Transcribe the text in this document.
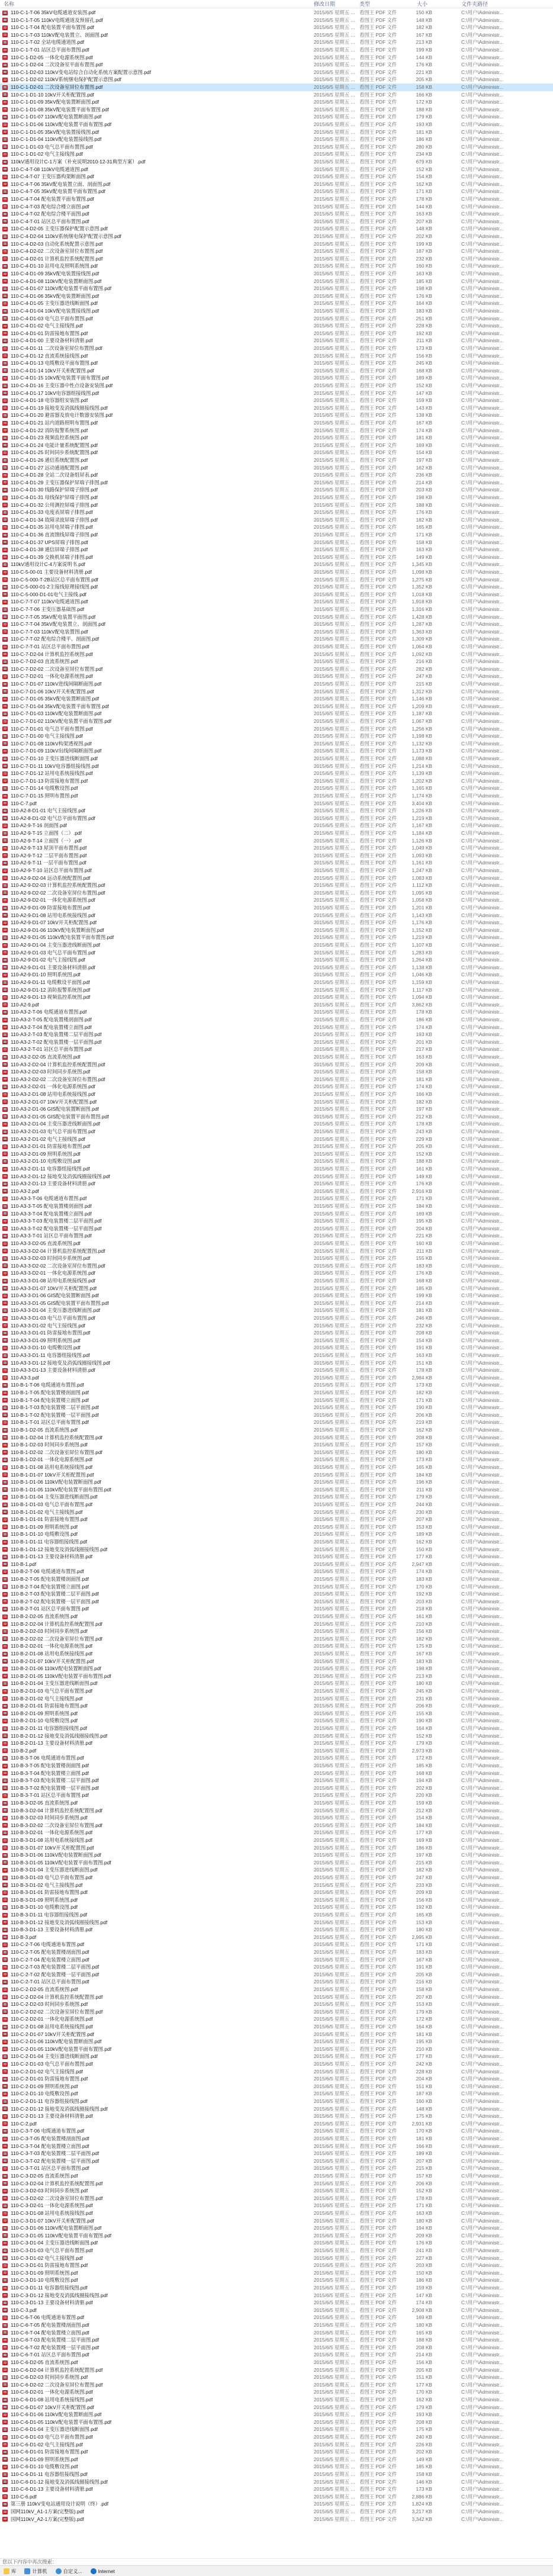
名称	修改日期	类型	大小	文件夹路径
110-C-1-T-06 35kV电缆通道安装图.pdf	2015/6/5 星期五 ... 看图王 PDF 文件	150 KB	C:\用户\Administr...
110-C-1-T-05 110kV电缆通道及预留孔.pdf	2015/6/5 星期五 ... 看图王 PDF 文件	148 KB	C:\用户\Administr...
110-C-1-T-04 配电装置平面布置图.pdf	2015/6/5 星期五 ... 看图王 PDF 文件	182 KB	C:\用户\Administr...
110-C-1-T-03 110kV配电装置立、剖面图.pdf	2015/6/5 星期五 ... 看图王 PDF 文件	167 KB	C:\用户\Administr...
110-C-1-T-02 全站电缆通道图.pdf	2015/6/5 星期五 ... 看图王 PDF 文件	213 KB	C:\用户\Administr...
110-C-1-T-01 站区总平面布置图.pdf	2015/6/5 星期五 ... 看图王 PDF 文件	199 KB	C:\用户\Administr...
110-C-1-D2-05 一体化电源系统图.pdf	2015/6/5 星期五 ... 看图王 PDF 文件	144 KB	C:\用户\Administr...
110-C-1-D2-04 二次设备室平面布置图.pdf	2015/6/5 星期五 ... 看图王 PDF 文件	176 KB	C:\用户\Administr...
110-C-1-D2-03 110kV变电站综合自动化系统方案配置示意图.pdf	2015/6/5 星期五 ... 看图王 PDF 文件	221 KB	C:\用户\Administr...
110-C-1-D2-02 110kV系统继电保护配置示意图.pdf	2015/6/5 星期五 ... 看图王 PDF 文件	205 KB	C:\用户\Administr...
110-C-1-D2-01 二次设备室屏位布置图.pdf	2015/6/5 星期五 ... 看图王 PDF 文件	158 KB	C:\用户\Administr...
110-C-1-D1-10 10kV开关柜配置图.pdf	2015/6/5 星期五 ... 看图王 PDF 文件	166 KB	C:\用户\Administr...
110-C-1-D1-09 35kV配电装置断面图.pdf	2015/6/5 星期五 ... 看图王 PDF 文件	172 KB	C:\用户\Administr...
110-C-1-D1-08 35kV配电装置平面布置图.pdf	2015/6/5 星期五 ... 看图王 PDF 文件	188 KB	C:\用户\Administr...
110-C-1-D1-07 110kV配电装置断面图.pdf	2015/6/5 星期五 ... 看图王 PDF 文件	179 KB	C:\用户\Administr...
110-C-1-D1-06 110kV配电装置平面布置图.pdf	2015/6/5 星期五 ... 看图王 PDF 文件	193 KB	C:\用户\Administr...
110-C-1-D1-05 35kV配电装置接线图.pdf	2015/6/5 星期五 ... 看图王 PDF 文件	181 KB	C:\用户\Administr...
110-C-1-D1-04 110kV配电装置接线图.pdf	2015/6/5 星期五 ... 看图王 PDF 文件	186 KB	C:\用户\Administr...
110-C-1-D1-03 电气总平面布置图.pdf	2015/6/5 星期五 ... 看图王 PDF 文件	280 KB	C:\用户\Administr...
110-C-1-D1-02 电气主接线图.pdf	2015/6/5 星期五 ... 看图王 PDF 文件	234 KB	C:\用户\Administr...
110kV通用设计C-1方案（补充说明2010-12-31典型方案）.pdf	2015/6/5 星期五 ... 看图王 PDF 文件	679 KB	C:\用户\Administr...
110-C-4-T-08 110kV电缆通道图.pdf	2015/6/5 星期五 ... 看图王 PDF 文件	152 KB	C:\用户\Administr...
110-C-4-T-07 主变压器构架断面图.pdf	2015/6/5 星期五 ... 看图王 PDF 文件	154 KB	C:\用户\Administr...
110-C-4-T-06 35kV配电装置立面、剖面图.pdf	2015/6/5 星期五 ... 看图王 PDF 文件	162 KB	C:\用户\Administr...
110-C-4-T-05 35kV配电装置平面布置图.pdf	2015/6/5 星期五 ... 看图王 PDF 文件	171 KB	C:\用户\Administr...
110-C-4-T-04 配电装置平面布置图.pdf	2015/6/5 星期五 ... 看图王 PDF 文件	178 KB	C:\用户\Administr...
110-C-4-T-03 配电综合楼立面图.pdf	2015/6/5 星期五 ... 看图王 PDF 文件	144 KB	C:\用户\Administr...
110-C-4-T-02 配电综合楼平面图.pdf	2015/6/5 星期五 ... 看图王 PDF 文件	163 KB	C:\用户\Administr...
110-C-4-T-01 站区总平面布置图.pdf	2015/6/5 星期五 ... 看图王 PDF 文件	207 KB	C:\用户\Administr...
110-C-4-D2-05 主变压器保护配置示意图.pdf	2015/6/5 星期五 ... 看图王 PDF 文件	148 KB	C:\用户\Administr...
110-C-4-D2-04 110kV系统继电保护配置示意图.pdf	2015/6/5 星期五 ... 看图王 PDF 文件	202 KB	C:\用户\Administr...
110-C-4-D2-03 自动化系统配置示意图.pdf	2015/6/5 星期五 ... 看图王 PDF 文件	199 KB	C:\用户\Administr...
110-C-4-D2-02 二次设备室屏位布置图.pdf	2015/6/5 星期五 ... 看图王 PDF 文件	187 KB	C:\用户\Administr...
110-C-4-D2-01 计算机监控系统配置图.pdf	2015/6/5 星期五 ... 看图王 PDF 文件	232 KB	C:\用户\Administr...
110-C-4-D1-10 站用电及照明系统图.pdf	2015/6/5 星期五 ... 看图王 PDF 文件	160 KB	C:\用户\Administr...
110-C-4-D1-09 35kV配电装置接线图.pdf	2015/6/5 星期五 ... 看图王 PDF 文件	163 KB	C:\用户\Administr...
110-C-4-D1-08 110kV配电装置断面图.pdf	2015/6/5 星期五 ... 看图王 PDF 文件	185 KB	C:\用户\Administr...
110-C-4-D1-07 110kV配电装置平面布置图.pdf	2015/6/5 星期五 ... 看图王 PDF 文件	198 KB	C:\用户\Administr...
110-C-4-D1-06 35kV配电装置断面图.pdf	2015/6/5 星期五 ... 看图王 PDF 文件	176 KB	C:\用户\Administr...
110-C-4-D1-05 主变压器进线断面图.pdf	2015/6/5 星期五 ... 看图王 PDF 文件	164 KB	C:\用户\Administr...
110-C-4-D1-04 10kV配电装置接线图.pdf	2015/6/5 星期五 ... 看图王 PDF 文件	183 KB	C:\用户\Administr...
110-C-4-D1-03 电气总平面布置图.pdf	2015/6/5 星期五 ... 看图王 PDF 文件	251 KB	C:\用户\Administr...
110-C-4-D1-02 电气主接线图.pdf	2015/6/5 星期五 ... 看图王 PDF 文件	228 KB	C:\用户\Administr...
110-C-4-D1-01 防雷接地布置图.pdf	2015/6/5 星期五 ... 看图王 PDF 文件	192 KB	C:\用户\Administr...
110-C-4-D1-00 主要设备材料清册.pdf	2015/6/5 星期五 ... 看图王 PDF 文件	211 KB	C:\用户\Administr...
110-C-4-D1-11 二次设备室屏位布置图.pdf	2015/6/5 星期五 ... 看图王 PDF 文件	173 KB	C:\用户\Administr...
110-C-4-D1-12 直流系统接线图.pdf	2015/6/5 星期五 ... 看图王 PDF 文件	156 KB	C:\用户\Administr...
110-C-4-D1-13 电缆敷设平面布置图.pdf	2015/6/5 星期五 ... 看图王 PDF 文件	245 KB	C:\用户\Administr...
110-C-4-D1-14 10kV开关柜配置图.pdf	2015/6/5 星期五 ... 看图王 PDF 文件	168 KB	C:\用户\Administr...
110-C-4-D1-15 10kV配电装置平面布置图.pdf	2015/6/5 星期五 ... 看图王 PDF 文件	189 KB	C:\用户\Administr...
110-C-4-D1-16 主变压器中性点设备安装图.pdf	2015/6/5 星期五 ... 看图王 PDF 文件	152 KB	C:\用户\Administr...
110-C-4-D1-17 10kV电容器组接线图.pdf	2015/6/5 星期五 ... 看图王 PDF 文件	147 KB	C:\用户\Administr...
110-C-4-D1-18 电容器组安装图.pdf	2015/6/5 星期五 ... 看图王 PDF 文件	159 KB	C:\用户\Administr...
110-C-4-D1-19 接地变及消弧线圈接线图.pdf	2015/6/5 星期五 ... 看图王 PDF 文件	143 KB	C:\用户\Administr...
110-C-4-D1-20 避雷器及放电计数器安装图.pdf	2015/6/5 星期五 ... 看图王 PDF 文件	138 KB	C:\用户\Administr...
110-C-4-D1-21 站内道路照明布置图.pdf	2015/6/5 星期五 ... 看图王 PDF 文件	167 KB	C:\用户\Administr...
110-C-4-D1-22 消防报警系统图.pdf	2015/6/5 星期五 ... 看图王 PDF 文件	174 KB	C:\用户\Administr...
110-C-4-D1-23 视频监控系统图.pdf	2015/6/5 星期五 ... 看图王 PDF 文件	181 KB	C:\用户\Administr...
110-C-4-D1-24 电能计量系统配置图.pdf	2015/6/5 星期五 ... 看图王 PDF 文件	169 KB	C:\用户\Administr...
110-C-4-D1-25 时间同步系统配置图.pdf	2015/6/5 星期五 ... 看图王 PDF 文件	154 KB	C:\用户\Administr...
110-C-4-D1-26 通信系统配置图.pdf	2015/6/5 星期五 ... 看图王 PDF 文件	197 KB	C:\用户\Administr...
110-C-4-D1-27 远动通道配置图.pdf	2015/6/5 星期五 ... 看图王 PDF 文件	162 KB	C:\用户\Administr...
110-C-4-D1-28 全站二次设备组屏表.pdf	2015/6/5 星期五 ... 看图王 PDF 文件	236 KB	C:\用户\Administr...
110-C-4-D1-29 主变压器保护屏端子排图.pdf	2015/6/5 星期五 ... 看图王 PDF 文件	214 KB	C:\用户\Administr...
110-C-4-D1-30 线路保护屏端子排图.pdf	2015/6/5 星期五 ... 看图王 PDF 文件	203 KB	C:\用户\Administr...
110-C-4-D1-31 母线保护屏端子排图.pdf	2015/6/5 星期五 ... 看图王 PDF 文件	198 KB	C:\用户\Administr...
110-C-4-D1-32 公用测控屏端子排图.pdf	2015/6/5 星期五 ... 看图王 PDF 文件	188 KB	C:\用户\Administr...
110-C-4-D1-33 电度表屏端子排图.pdf	2015/6/5 星期五 ... 看图王 PDF 文件	176 KB	C:\用户\Administr...
110-C-4-D1-34 故障录波屏端子排图.pdf	2015/6/5 星期五 ... 看图王 PDF 文件	182 KB	C:\用户\Administr...
110-C-4-D1-35 站用电屏端子排图.pdf	2015/6/5 星期五 ... 看图王 PDF 文件	165 KB	C:\用户\Administr...
110-C-4-D1-36 直流馈线屏端子排图.pdf	2015/6/5 星期五 ... 看图王 PDF 文件	171 KB	C:\用户\Administr...
110-C-4-D1-37 UPS屏端子排图.pdf	2015/6/5 星期五 ... 看图王 PDF 文件	158 KB	C:\用户\Administr...
110-C-4-D1-38 通信屏端子排图.pdf	2015/6/5 星期五 ... 看图王 PDF 文件	163 KB	C:\用户\Administr...
110-C-4-D1-39 交换机屏端子排图.pdf	2015/6/5 星期五 ... 看图王 PDF 文件	149 KB	C:\用户\Administr...
110kV通用设计C-4方案说明书.pdf	2015/6/5 星期五 ... 看图王 PDF 文件	1,345 KB	C:\用户\Administr...
110-C-5-00-01 主要设备材料清册.pdf	2015/6/5 星期五 ... 看图王 PDF 文件	1,098 KB	C:\用户\Administr...
110-C-5-000-T-2B站区总平面布置图.pdf	2015/6/5 星期五 ... 看图王 PDF 文件	1,275 KB	C:\用户\Administr...
110-C-5-000-01-2主接线原理接线图.pdf	2015/6/5 星期五 ... 看图王 PDF 文件	1,352 KB	C:\用户\Administr...
110-C-5-000-D1-01电气主接线.pdf	2015/6/5 星期五 ... 看图王 PDF 文件	1,018 KB	C:\用户\Administr...
110-C-7-T-07 110kV电缆通道图.pdf	2015/6/5 星期五 ... 看图王 PDF 文件	1,918 KB	C:\用户\Administr...
110-C-7-T-06 主变压器基础图.pdf	2015/6/5 星期五 ... 看图王 PDF 文件	1,316 KB	C:\用户\Administr...
110-C-7-T-05 35kV配电装置平面图.pdf	2015/6/5 星期五 ... 看图王 PDF 文件	1,428 KB	C:\用户\Administr...
110-C-7-T-04 35kV配电装置立、剖面图.pdf	2015/6/5 星期五 ... 看图王 PDF 文件	1,287 KB	C:\用户\Administr...
110-C-7-T-03 110kV配电装置图.pdf	2015/6/5 星期五 ... 看图王 PDF 文件	1,363 KB	C:\用户\Administr...
110-C-7-T-02 配电综合楼平、剖面图.pdf	2015/6/5 星期五 ... 看图王 PDF 文件	1,309 KB	C:\用户\Administr...
110-C-7-T-01 站区总平面布置图.pdf	2015/6/5 星期五 ... 看图王 PDF 文件	1,064 KB	C:\用户\Administr...
110-C-7-D2-04 计算机监控系统图.pdf	2015/6/5 星期五 ... 看图王 PDF 文件	1,092 KB	C:\用户\Administr...
110-C-7-D2-03 直流系统图.pdf	2015/6/5 星期五 ... 看图王 PDF 文件	216 KB	C:\用户\Administr...
110-C-7-D2-02 二次设备室屏位布置图.pdf	2015/6/5 星期五 ... 看图王 PDF 文件	282 KB	C:\用户\Administr...
110-C-7-D2-01 一体化电源系统图.pdf	2015/6/5 星期五 ... 看图王 PDF 文件	247 KB	C:\用户\Administr...
110-C-7-D1-07 110kV进线间隔断面图.pdf	2015/6/5 星期五 ... 看图王 PDF 文件	215 KB	C:\用户\Administr...
110-C-7-D1-06 10kV开关柜配置图.pdf	2015/6/5 星期五 ... 看图王 PDF 文件	1,312 KB	C:\用户\Administr...
110-C-7-D1-05 35kV配电装置断面图.pdf	2015/6/5 星期五 ... 看图王 PDF 文件	1,146 KB	C:\用户\Administr...
110-C-7-D1-04 35kV配电装置平面布置图.pdf	2015/6/5 星期五 ... 看图王 PDF 文件	1,209 KB	C:\用户\Administr...
110-C-7-D1-03 110kV配电装置断面图.pdf	2015/6/5 星期五 ... 看图王 PDF 文件	1,187 KB	C:\用户\Administr...
110-C-7-D1-02 110kV配电装置平面布置图.pdf	2015/6/5 星期五 ... 看图王 PDF 文件	1,067 KB	C:\用户\Administr...
110-C-7-D1-01 电气总平面布置图.pdf	2015/6/5 星期五 ... 看图王 PDF 文件	1,256 KB	C:\用户\Administr...
110-C-7-D1-00 电气主接线图.pdf	2015/6/5 星期五 ... 看图王 PDF 文件	1,198 KB	C:\用户\Administr...
110-C-7-D1-08 110kV构架透视图.pdf	2015/6/5 星期五 ... 看图王 PDF 文件	1,132 KB	C:\用户\Administr...
110-C-7-D1-09 110kV出线间隔断面图.pdf	2015/6/5 星期五 ... 看图王 PDF 文件	1,173 KB	C:\用户\Administr...
110-C-7-D1-10 主变压器进线断面图.pdf	2015/6/5 星期五 ... 看图王 PDF 文件	1,088 KB	C:\用户\Administr...
110-C-7-D1-11 10kV电容器组接线图.pdf	2015/6/5 星期五 ... 看图王 PDF 文件	1,214 KB	C:\用户\Administr...
110-C-7-D1-12 站用电系统接线图.pdf	2015/6/5 星期五 ... 看图王 PDF 文件	1,139 KB	C:\用户\Administr...
110-C-7-D1-13 防雷接地布置图.pdf	2015/6/5 星期五 ... 看图王 PDF 文件	1,202 KB	C:\用户\Administr...
110-C-7-D1-14 电缆敷设图.pdf	2015/6/5 星期五 ... 看图王 PDF 文件	1,165 KB	C:\用户\Administr...
110-C-7-D1-15 照明布置图.pdf	2015/6/5 星期五 ... 看图王 PDF 文件	1,174 KB	C:\用户\Administr...
110-C-7.pdf	2015/6/5 星期五 ... 看图王 PDF 文件	3,404 KB	C:\用户\Administr...
110-A2-8-D1-01 电气主接线图.pdf	2015/6/5 星期五 ... 看图王 PDF 文件	1,226 KB	C:\用户\Administr...
110-A2-8-D1-02 电气总平面布置图.pdf	2015/6/5 星期五 ... 看图王 PDF 文件	1,219 KB	C:\用户\Administr...
110-A2-9-T-16 剖面图.pdf	2015/6/5 星期五 ... 看图王 PDF 文件	1,167 KB	C:\用户\Administr...
110-A2-9-T-15 立面图（二）.pdf	2015/6/5 星期五 ... 看图王 PDF 文件	1,184 KB	C:\用户\Administr...
110-A2-9-T-14 立面图（一）.pdf	2015/6/5 星期五 ... 看图王 PDF 文件	1,126 KB	C:\用户\Administr...
110-A2-9-T-13 屋顶平面布置图.pdf	2015/6/5 星期五 ... 看图王 PDF 文件	1,049 KB	C:\用户\Administr...
110-A2-9-T-12 二层平面布置图.pdf	2015/6/5 星期五 ... 看图王 PDF 文件	1,093 KB	C:\用户\Administr...
110-A2-9-T-11 一层平面布置图.pdf	2015/6/5 星期五 ... 看图王 PDF 文件	1,161 KB	C:\用户\Administr...
110-A2-9-T-10 站区总平面布置图.pdf	2015/6/5 星期五 ... 看图王 PDF 文件	1,247 KB	C:\用户\Administr...
110-A2-9-D2-04 远动系统配置图.pdf	2015/6/5 星期五 ... 看图王 PDF 文件	1,083 KB	C:\用户\Administr...
110-A2-9-D2-03 计算机监控系统配置图.pdf	2015/6/5 星期五 ... 看图王 PDF 文件	1,112 KB	C:\用户\Administr...
110-A2-9-D2-02 二次设备室屏位布置图.pdf	2015/6/5 星期五 ... 看图王 PDF 文件	1,095 KB	C:\用户\Administr...
110-A2-9-D2-01 一体化电源系统图.pdf	2015/6/5 星期五 ... 看图王 PDF 文件	1,058 KB	C:\用户\Administr...
110-A2-9-D1-09 防雷接地布置图.pdf	2015/6/5 星期五 ... 看图王 PDF 文件	1,201 KB	C:\用户\Administr...
110-A2-9-D1-08 站用电系统接线图.pdf	2015/6/5 星期五 ... 看图王 PDF 文件	1,143 KB	C:\用户\Administr...
110-A2-9-D1-07 10kV开关柜配置图.pdf	2015/6/5 星期五 ... 看图王 PDF 文件	1,176 KB	C:\用户\Administr...
110-A2-9-D1-06 110kV配电装置断面图.pdf	2015/6/5 星期五 ... 看图王 PDF 文件	1,152 KB	C:\用户\Administr...
110-A2-9-D1-05 110kV配电装置平面布置图.pdf	2015/6/5 星期五 ... 看图王 PDF 文件	1,219 KB	C:\用户\Administr...
110-A2-9-D1-04 主变压器进线断面图.pdf	2015/6/5 星期五 ... 看图王 PDF 文件	1,107 KB	C:\用户\Administr...
110-A2-9-D1-03 电气总平面布置图.pdf	2015/6/5 星期五 ... 看图王 PDF 文件	1,283 KB	C:\用户\Administr...
110-A2-9-D1-02 电气主接线图.pdf	2015/6/5 星期五 ... 看图王 PDF 文件	1,264 KB	C:\用户\Administr...
110-A2-9-D1-01 主要设备材料清册.pdf	2015/6/5 星期五 ... 看图王 PDF 文件	1,138 KB	C:\用户\Administr...
110-A2-9-D1-10 照明系统图.pdf	2015/6/5 星期五 ... 看图王 PDF 文件	1,046 KB	C:\用户\Administr...
110-A2-9-D1-11 电缆敷设平面图.pdf	2015/6/5 星期五 ... 看图王 PDF 文件	1,159 KB	C:\用户\Administr...
110-A2-9-D1-12 消防报警系统图.pdf	2015/6/5 星期五 ... 看图王 PDF 文件	1,117 KB	C:\用户\Administr...
110-A2-9-D1-13 视频监控系统图.pdf	2015/6/5 星期五 ... 看图王 PDF 文件	1,094 KB	C:\用户\Administr...
110-A2-9.pdf	2015/6/5 星期五 ... 看图王 PDF 文件	3,862 KB	C:\用户\Administr...
110-A3-2-T-06 电缆通道布置图.pdf	2015/6/5 星期五 ... 看图王 PDF 文件	178 KB	C:\用户\Administr...
110-A3-2-T-05 配电装置楼剖面图.pdf	2015/6/5 星期五 ... 看图王 PDF 文件	186 KB	C:\用户\Administr...
110-A3-2-T-04 配电装置楼立面图.pdf	2015/6/5 星期五 ... 看图王 PDF 文件	174 KB	C:\用户\Administr...
110-A3-2-T-03 配电装置楼二层平面图.pdf	2015/6/5 星期五 ... 看图王 PDF 文件	193 KB	C:\用户\Administr...
110-A3-2-T-02 配电装置楼一层平面图.pdf	2015/6/5 星期五 ... 看图王 PDF 文件	201 KB	C:\用户\Administr...
110-A3-2-T-01 站区总平面布置图.pdf	2015/6/5 星期五 ... 看图王 PDF 文件	217 KB	C:\用户\Administr...
110-A3-2-D2-05 直流系统图.pdf	2015/6/5 星期五 ... 看图王 PDF 文件	163 KB	C:\用户\Administr...
110-A3-2-D2-04 计算机监控系统配置图.pdf	2015/6/5 星期五 ... 看图王 PDF 文件	209 KB	C:\用户\Administr...
110-A3-2-D2-03 时间同步系统图.pdf	2015/6/5 星期五 ... 看图王 PDF 文件	158 KB	C:\用户\Administr...
110-A3-2-D2-02 二次设备室屏位布置图.pdf	2015/6/5 星期五 ... 看图王 PDF 文件	181 KB	C:\用户\Administr...
110-A3-2-D2-01 一体化电源系统图.pdf	2015/6/5 星期五 ... 看图王 PDF 文件	174 KB	C:\用户\Administr...
110-A3-2-D1-08 站用电系统接线图.pdf	2015/6/5 星期五 ... 看图王 PDF 文件	166 KB	C:\用户\Administr...
110-A3-2-D1-07 10kV开关柜配置图.pdf	2015/6/5 星期五 ... 看图王 PDF 文件	182 KB	C:\用户\Administr...
110-A3-2-D1-06 GIS配电装置断面图.pdf	2015/6/5 星期五 ... 看图王 PDF 文件	197 KB	C:\用户\Administr...
110-A3-2-D1-05 GIS配电装置平面布置图.pdf	2015/6/5 星期五 ... 看图王 PDF 文件	212 KB	C:\用户\Administr...
110-A3-2-D1-04 主变压器进线断面图.pdf	2015/6/5 星期五 ... 看图王 PDF 文件	178 KB	C:\用户\Administr...
110-A3-2-D1-03 电气总平面布置图.pdf	2015/6/5 星期五 ... 看图王 PDF 文件	243 KB	C:\用户\Administr...
110-A3-2-D1-02 电气主接线图.pdf	2015/6/5 星期五 ... 看图王 PDF 文件	229 KB	C:\用户\Administr...
110-A3-2-D1-01 防雷接地布置图.pdf	2015/6/5 星期五 ... 看图王 PDF 文件	205 KB	C:\用户\Administr...
110-A3-2-D1-09 照明系统图.pdf	2015/6/5 星期五 ... 看图王 PDF 文件	152 KB	C:\用户\Administr...
110-A3-2-D1-10 电缆敷设图.pdf	2015/6/5 星期五 ... 看图王 PDF 文件	188 KB	C:\用户\Administr...
110-A3-2-D1-11 电容器组接线图.pdf	2015/6/5 星期五 ... 看图王 PDF 文件	161 KB	C:\用户\Administr...
110-A3-2-D1-12 接地变及消弧线圈接线图.pdf	2015/6/5 星期五 ... 看图王 PDF 文件	149 KB	C:\用户\Administr...
110-A3-2-D1-13 主要设备材料清册.pdf	2015/6/5 星期五 ... 看图王 PDF 文件	176 KB	C:\用户\Administr...
110-A3-2.pdf	2015/6/5 星期五 ... 看图王 PDF 文件	2,916 KB	C:\用户\Administr...
110-A3-3-T-06 电缆通道布置图.pdf	2015/6/5 星期五 ... 看图王 PDF 文件	171 KB	C:\用户\Administr...
110-A3-3-T-05 配电装置楼剖面图.pdf	2015/6/5 星期五 ... 看图王 PDF 文件	184 KB	C:\用户\Administr...
110-A3-3-T-04 配电装置楼立面图.pdf	2015/6/5 星期五 ... 看图王 PDF 文件	169 KB	C:\用户\Administr...
110-A3-3-T-03 配电装置楼二层平面图.pdf	2015/6/5 星期五 ... 看图王 PDF 文件	195 KB	C:\用户\Administr...
110-A3-3-T-02 配电装置楼一层平面图.pdf	2015/6/5 星期五 ... 看图王 PDF 文件	204 KB	C:\用户\Administr...
110-A3-3-T-01 站区总平面布置图.pdf	2015/6/5 星期五 ... 看图王 PDF 文件	221 KB	C:\用户\Administr...
110-A3-3-D2-05 直流系统图.pdf	2015/6/5 星期五 ... 看图王 PDF 文件	160 KB	C:\用户\Administr...
110-A3-3-D2-04 计算机监控系统配置图.pdf	2015/6/5 星期五 ... 看图王 PDF 文件	211 KB	C:\用户\Administr...
110-A3-3-D2-03 时间同步系统图.pdf	2015/6/5 星期五 ... 看图王 PDF 文件	155 KB	C:\用户\Administr...
110-A3-3-D2-02 二次设备室屏位布置图.pdf	2015/6/5 星期五 ... 看图王 PDF 文件	183 KB	C:\用户\Administr...
110-A3-3-D2-01 一体化电源系统图.pdf	2015/6/5 星期五 ... 看图王 PDF 文件	176 KB	C:\用户\Administr...
110-A3-3-D1-08 站用电系统接线图.pdf	2015/6/5 星期五 ... 看图王 PDF 文件	168 KB	C:\用户\Administr...
110-A3-3-D1-07 10kV开关柜配置图.pdf	2015/6/5 星期五 ... 看图王 PDF 文件	185 KB	C:\用户\Administr...
110-A3-3-D1-06 GIS配电装置断面图.pdf	2015/6/5 星期五 ... 看图王 PDF 文件	199 KB	C:\用户\Administr...
110-A3-3-D1-05 GIS配电装置平面布置图.pdf	2015/6/5 星期五 ... 看图王 PDF 文件	214 KB	C:\用户\Administr...
110-A3-3-D1-04 主变压器进线断面图.pdf	2015/6/5 星期五 ... 看图王 PDF 文件	181 KB	C:\用户\Administr...
110-A3-3-D1-03 电气总平面布置图.pdf	2015/6/5 星期五 ... 看图王 PDF 文件	246 KB	C:\用户\Administr...
110-A3-3-D1-02 电气主接线图.pdf	2015/6/5 星期五 ... 看图王 PDF 文件	232 KB	C:\用户\Administr...
110-A3-3-D1-01 防雷接地布置图.pdf	2015/6/5 星期五 ... 看图王 PDF 文件	208 KB	C:\用户\Administr...
110-A3-3-D1-09 照明系统图.pdf	2015/6/5 星期五 ... 看图王 PDF 文件	154 KB	C:\用户\Administr...
110-A3-3-D1-10 电缆敷设图.pdf	2015/6/5 星期五 ... 看图王 PDF 文件	191 KB	C:\用户\Administr...
110-A3-3-D1-11 电容器组接线图.pdf	2015/6/5 星期五 ... 看图王 PDF 文件	163 KB	C:\用户\Administr...
110-A3-3-D1-12 接地变及消弧线圈接线图.pdf	2015/6/5 星期五 ... 看图王 PDF 文件	151 KB	C:\用户\Administr...
110-A3-3-D1-13 主要设备材料清册.pdf	2015/6/5 星期五 ... 看图王 PDF 文件	178 KB	C:\用户\Administr...
110-A3-3.pdf	2015/6/5 星期五 ... 看图王 PDF 文件	2,984 KB	C:\用户\Administr...
110-B-1-T-06 电缆通道布置图.pdf	2015/6/5 星期五 ... 看图王 PDF 文件	173 KB	C:\用户\Administr...
110-B-1-T-05 配电装置楼剖面图.pdf	2015/6/5 星期五 ... 看图王 PDF 文件	182 KB	C:\用户\Administr...
110-B-1-T-04 配电装置楼立面图.pdf	2015/6/5 星期五 ... 看图王 PDF 文件	171 KB	C:\用户\Administr...
110-B-1-T-03 配电装置楼二层平面图.pdf	2015/6/5 星期五 ... 看图王 PDF 文件	190 KB	C:\用户\Administr...
110-B-1-T-02 配电装置楼一层平面图.pdf	2015/6/5 星期五 ... 看图王 PDF 文件	206 KB	C:\用户\Administr...
110-B-1-T-01 站区总平面布置图.pdf	2015/6/5 星期五 ... 看图王 PDF 文件	219 KB	C:\用户\Administr...
110-B-1-D2-05 直流系统图.pdf	2015/6/5 星期五 ... 看图王 PDF 文件	162 KB	C:\用户\Administr...
110-B-1-D2-04 计算机监控系统配置图.pdf	2015/6/5 星期五 ... 看图王 PDF 文件	208 KB	C:\用户\Administr...
110-B-1-D2-03 时间同步系统图.pdf	2015/6/5 星期五 ... 看图王 PDF 文件	157 KB	C:\用户\Administr...
110-B-1-D2-02 二次设备室屏位布置图.pdf	2015/6/5 星期五 ... 看图王 PDF 文件	180 KB	C:\用户\Administr...
110-B-1-D2-01 一体化电源系统图.pdf	2015/6/5 星期五 ... 看图王 PDF 文件	173 KB	C:\用户\Administr...
110-B-1-D1-08 站用电系统接线图.pdf	2015/6/5 星期五 ... 看图王 PDF 文件	165 KB	C:\用户\Administr...
110-B-1-D1-07 10kV开关柜配置图.pdf	2015/6/5 星期五 ... 看图王 PDF 文件	184 KB	C:\用户\Administr...
110-B-1-D1-06 110kV配电装置断面图.pdf	2015/6/5 星期五 ... 看图王 PDF 文件	196 KB	C:\用户\Administr...
110-B-1-D1-05 110kV配电装置平面布置图.pdf	2015/6/5 星期五 ... 看图王 PDF 文件	211 KB	C:\用户\Administr...
110-B-1-D1-04 主变压器进线断面图.pdf	2015/6/5 星期五 ... 看图王 PDF 文件	179 KB	C:\用户\Administr...
110-B-1-D1-03 电气总平面布置图.pdf	2015/6/5 星期五 ... 看图王 PDF 文件	244 KB	C:\用户\Administr...
110-B-1-D1-02 电气主接线图.pdf	2015/6/5 星期五 ... 看图王 PDF 文件	230 KB	C:\用户\Administr...
110-B-1-D1-01 防雷接地布置图.pdf	2015/6/5 星期五 ... 看图王 PDF 文件	207 KB	C:\用户\Administr...
110-B-1-D1-09 照明系统图.pdf	2015/6/5 星期五 ... 看图王 PDF 文件	153 KB	C:\用户\Administr...
110-B-1-D1-10 电缆敷设图.pdf	2015/6/5 星期五 ... 看图王 PDF 文件	189 KB	C:\用户\Administr...
110-B-1-D1-11 电容器组接线图.pdf	2015/6/5 星期五 ... 看图王 PDF 文件	162 KB	C:\用户\Administr...
110-B-1-D1-12 接地变及消弧线圈接线图.pdf	2015/6/5 星期五 ... 看图王 PDF 文件	150 KB	C:\用户\Administr...
110-B-1-D1-13 主要设备材料清册.pdf	2015/6/5 星期五 ... 看图王 PDF 文件	177 KB	C:\用户\Administr...
110-B-1.pdf	2015/6/5 星期五 ... 看图王 PDF 文件	2,947 KB	C:\用户\Administr...
110-B-2-T-06 电缆通道布置图.pdf	2015/6/5 星期五 ... 看图王 PDF 文件	174 KB	C:\用户\Administr...
110-B-2-T-05 配电装置楼剖面图.pdf	2015/6/5 星期五 ... 看图王 PDF 文件	183 KB	C:\用户\Administr...
110-B-2-T-04 配电装置楼立面图.pdf	2015/6/5 星期五 ... 看图王 PDF 文件	170 KB	C:\用户\Administr...
110-B-2-T-03 配电装置楼二层平面图.pdf	2015/6/5 星期五 ... 看图王 PDF 文件	192 KB	C:\用户\Administr...
110-B-2-T-02 配电装置楼一层平面图.pdf	2015/6/5 星期五 ... 看图王 PDF 文件	203 KB	C:\用户\Administr...
110-B-2-T-01 站区总平面布置图.pdf	2015/6/5 星期五 ... 看图王 PDF 文件	218 KB	C:\用户\Administr...
110-B-2-D2-05 直流系统图.pdf	2015/6/5 星期五 ... 看图王 PDF 文件	161 KB	C:\用户\Administr...
110-B-2-D2-04 计算机监控系统配置图.pdf	2015/6/5 星期五 ... 看图王 PDF 文件	210 KB	C:\用户\Administr...
110-B-2-D2-03 时间同步系统图.pdf	2015/6/5 星期五 ... 看图王 PDF 文件	156 KB	C:\用户\Administr...
110-B-2-D2-02 二次设备室屏位布置图.pdf	2015/6/5 星期五 ... 看图王 PDF 文件	182 KB	C:\用户\Administr...
110-B-2-D2-01 一体化电源系统图.pdf	2015/6/5 星期五 ... 看图王 PDF 文件	175 KB	C:\用户\Administr...
110-B-2-D1-08 站用电系统接线图.pdf	2015/6/5 星期五 ... 看图王 PDF 文件	167 KB	C:\用户\Administr...
110-B-2-D1-07 10kV开关柜配置图.pdf	2015/6/5 星期五 ... 看图王 PDF 文件	183 KB	C:\用户\Administr...
110-B-2-D1-06 110kV配电装置断面图.pdf	2015/6/5 星期五 ... 看图王 PDF 文件	198 KB	C:\用户\Administr...
110-B-2-D1-05 110kV配电装置平面布置图.pdf	2015/6/5 星期五 ... 看图王 PDF 文件	213 KB	C:\用户\Administr...
110-B-2-D1-04 主变压器进线断面图.pdf	2015/6/5 星期五 ... 看图王 PDF 文件	180 KB	C:\用户\Administr...
110-B-2-D1-03 电气总平面布置图.pdf	2015/6/5 星期五 ... 看图王 PDF 文件	245 KB	C:\用户\Administr...
110-B-2-D1-02 电气主接线图.pdf	2015/6/5 星期五 ... 看图王 PDF 文件	231 KB	C:\用户\Administr...
110-B-2-D1-01 防雷接地布置图.pdf	2015/6/5 星期五 ... 看图王 PDF 文件	206 KB	C:\用户\Administr...
110-B-2-D1-09 照明系统图.pdf	2015/6/5 星期五 ... 看图王 PDF 文件	155 KB	C:\用户\Administr...
110-B-2-D1-10 电缆敷设图.pdf	2015/6/5 星期五 ... 看图王 PDF 文件	190 KB	C:\用户\Administr...
110-B-2-D1-11 电容器组接线图.pdf	2015/6/5 星期五 ... 看图王 PDF 文件	164 KB	C:\用户\Administr...
110-B-2-D1-12 接地变及消弧线圈接线图.pdf	2015/6/5 星期五 ... 看图王 PDF 文件	152 KB	C:\用户\Administr...
110-B-2-D1-13 主要设备材料清册.pdf	2015/6/5 星期五 ... 看图王 PDF 文件	179 KB	C:\用户\Administr...
110-B-2.pdf	2015/6/5 星期五 ... 看图王 PDF 文件	2,973 KB	C:\用户\Administr...
110-B-3-T-06 电缆通道布置图.pdf	2015/6/5 星期五 ... 看图王 PDF 文件	172 KB	C:\用户\Administr...
110-B-3-T-05 配电装置楼剖面图.pdf	2015/6/5 星期五 ... 看图王 PDF 文件	185 KB	C:\用户\Administr...
110-B-3-T-04 配电装置楼立面图.pdf	2015/6/5 星期五 ... 看图王 PDF 文件	168 KB	C:\用户\Administr...
110-B-3-T-03 配电装置楼二层平面图.pdf	2015/6/5 星期五 ... 看图王 PDF 文件	194 KB	C:\用户\Administr...
110-B-3-T-02 配电装置楼一层平面图.pdf	2015/6/5 星期五 ... 看图王 PDF 文件	202 KB	C:\用户\Administr...
110-B-3-T-01 站区总平面布置图.pdf	2015/6/5 星期五 ... 看图王 PDF 文件	220 KB	C:\用户\Administr...
110-B-3-D2-05 直流系统图.pdf	2015/6/5 星期五 ... 看图王 PDF 文件	159 KB	C:\用户\Administr...
110-B-3-D2-04 计算机监控系统配置图.pdf	2015/6/5 星期五 ... 看图王 PDF 文件	212 KB	C:\用户\Administr...
110-B-3-D2-03 时间同步系统图.pdf	2015/6/5 星期五 ... 看图王 PDF 文件	154 KB	C:\用户\Administr...
110-B-3-D2-02 二次设备室屏位布置图.pdf	2015/6/5 星期五 ... 看图王 PDF 文件	184 KB	C:\用户\Administr...
110-B-3-D2-01 一体化电源系统图.pdf	2015/6/5 星期五 ... 看图王 PDF 文件	177 KB	C:\用户\Administr...
110-B-3-D1-08 站用电系统接线图.pdf	2015/6/5 星期五 ... 看图王 PDF 文件	169 KB	C:\用户\Administr...
110-B-3-D1-07 10kV开关柜配置图.pdf	2015/6/5 星期五 ... 看图王 PDF 文件	186 KB	C:\用户\Administr...
110-B-3-D1-06 110kV配电装置断面图.pdf	2015/6/5 星期五 ... 看图王 PDF 文件	197 KB	C:\用户\Administr...
110-B-3-D1-05 110kV配电装置平面布置图.pdf	2015/6/5 星期五 ... 看图王 PDF 文件	215 KB	C:\用户\Administr...
110-B-3-D1-04 主变压器进线断面图.pdf	2015/6/5 星期五 ... 看图王 PDF 文件	182 KB	C:\用户\Administr...
110-B-3-D1-03 电气总平面布置图.pdf	2015/6/5 星期五 ... 看图王 PDF 文件	247 KB	C:\用户\Administr...
110-B-3-D1-02 电气主接线图.pdf	2015/6/5 星期五 ... 看图王 PDF 文件	233 KB	C:\用户\Administr...
110-B-3-D1-01 防雷接地布置图.pdf	2015/6/5 星期五 ... 看图王 PDF 文件	209 KB	C:\用户\Administr...
110-B-3-D1-09 照明系统图.pdf	2015/6/5 星期五 ... 看图王 PDF 文件	156 KB	C:\用户\Administr...
110-B-3-D1-10 电缆敷设图.pdf	2015/6/5 星期五 ... 看图王 PDF 文件	192 KB	C:\用户\Administr...
110-B-3-D1-11 电容器组接线图.pdf	2015/6/5 星期五 ... 看图王 PDF 文件	165 KB	C:\用户\Administr...
110-B-3-D1-12 接地变及消弧线圈接线图.pdf	2015/6/5 星期五 ... 看图王 PDF 文件	153 KB	C:\用户\Administr...
110-B-3-D1-13 主要设备材料清册.pdf	2015/6/5 星期五 ... 看图王 PDF 文件	180 KB	C:\用户\Administr...
110-B-3.pdf	2015/6/5 星期五 ... 看图王 PDF 文件	2,995 KB	C:\用户\Administr...
110-C-2-T-06 电缆通道布置图.pdf	2015/6/5 星期五 ... 看图王 PDF 文件	171 KB	C:\用户\Administr...
110-C-2-T-05 配电装置楼剖面图.pdf	2015/6/5 星期五 ... 看图王 PDF 文件	183 KB	C:\用户\Administr...
110-C-2-T-04 配电装置楼立面图.pdf	2015/6/5 星期五 ... 看图王 PDF 文件	167 KB	C:\用户\Administr...
110-C-2-T-03 配电装置楼二层平面图.pdf	2015/6/5 星期五 ... 看图王 PDF 文件	191 KB	C:\用户\Administr...
110-C-2-T-02 配电装置楼一层平面图.pdf	2015/6/5 星期五 ... 看图王 PDF 文件	205 KB	C:\用户\Administr...
110-C-2-T-01 站区总平面布置图.pdf	2015/6/5 星期五 ... 看图王 PDF 文件	216 KB	C:\用户\Administr...
110-C-2-D2-05 直流系统图.pdf	2015/6/5 星期五 ... 看图王 PDF 文件	158 KB	C:\用户\Administr...
110-C-2-D2-04 计算机监控系统配置图.pdf	2015/6/5 星期五 ... 看图王 PDF 文件	207 KB	C:\用户\Administr...
110-C-2-D2-03 时间同步系统图.pdf	2015/6/5 星期五 ... 看图王 PDF 文件	153 KB	C:\用户\Administr...
110-C-2-D2-02 二次设备室屏位布置图.pdf	2015/6/5 星期五 ... 看图王 PDF 文件	179 KB	C:\用户\Administr...
110-C-2-D2-01 一体化电源系统图.pdf	2015/6/5 星期五 ... 看图王 PDF 文件	172 KB	C:\用户\Administr...
110-C-2-D1-08 站用电系统接线图.pdf	2015/6/5 星期五 ... 看图王 PDF 文件	164 KB	C:\用户\Administr...
110-C-2-D1-07 10kV开关柜配置图.pdf	2015/6/5 星期五 ... 看图王 PDF 文件	181 KB	C:\用户\Administr...
110-C-2-D1-06 110kV配电装置断面图.pdf	2015/6/5 星期五 ... 看图王 PDF 文件	195 KB	C:\用户\Administr...
110-C-2-D1-05 110kV配电装置平面布置图.pdf	2015/6/5 星期五 ... 看图王 PDF 文件	210 KB	C:\用户\Administr...
110-C-2-D1-04 主变压器进线断面图.pdf	2015/6/5 星期五 ... 看图王 PDF 文件	177 KB	C:\用户\Administr...
110-C-2-D1-03 电气总平面布置图.pdf	2015/6/5 星期五 ... 看图王 PDF 文件	242 KB	C:\用户\Administr...
110-C-2-D1-02 电气主接线图.pdf	2015/6/5 星期五 ... 看图王 PDF 文件	228 KB	C:\用户\Administr...
110-C-2-D1-01 防雷接地布置图.pdf	2015/6/5 星期五 ... 看图王 PDF 文件	204 KB	C:\用户\Administr...
110-C-2-D1-09 照明系统图.pdf	2015/6/5 星期五 ... 看图王 PDF 文件	151 KB	C:\用户\Administr...
110-C-2-D1-10 电缆敷设图.pdf	2015/6/5 星期五 ... 看图王 PDF 文件	187 KB	C:\用户\Administr...
110-C-2-D1-11 电容器组接线图.pdf	2015/6/5 星期五 ... 看图王 PDF 文件	160 KB	C:\用户\Administr...
110-C-2-D1-12 接地变及消弧线圈接线图.pdf	2015/6/5 星期五 ... 看图王 PDF 文件	148 KB	C:\用户\Administr...
110-C-2-D1-13 主要设备材料清册.pdf	2015/6/5 星期五 ... 看图王 PDF 文件	175 KB	C:\用户\Administr...
110-C-2.pdf	2015/6/5 星期五 ... 看图王 PDF 文件	2,931 KB	C:\用户\Administr...
110-C-3-T-06 电缆通道布置图.pdf	2015/6/5 星期五 ... 看图王 PDF 文件	170 KB	C:\用户\Administr...
110-C-3-T-05 配电装置楼剖面图.pdf	2015/6/5 星期五 ... 看图王 PDF 文件	181 KB	C:\用户\Administr...
110-C-3-T-04 配电装置楼立面图.pdf	2015/6/5 星期五 ... 看图王 PDF 文件	166 KB	C:\用户\Administr...
110-C-3-T-03 配电装置楼二层平面图.pdf	2015/6/5 星期五 ... 看图王 PDF 文件	189 KB	C:\用户\Administr...
110-C-3-T-02 配电装置楼一层平面图.pdf	2015/6/5 星期五 ... 看图王 PDF 文件	207 KB	C:\用户\Administr...
110-C-3-T-01 站区总平面布置图.pdf	2015/6/5 星期五 ... 看图王 PDF 文件	215 KB	C:\用户\Administr...
110-C-3-D2-05 直流系统图.pdf	2015/6/5 星期五 ... 看图王 PDF 文件	157 KB	C:\用户\Administr...
110-C-3-D2-04 计算机监控系统配置图.pdf	2015/6/5 星期五 ... 看图王 PDF 文件	206 KB	C:\用户\Administr...
110-C-3-D2-03 时间同步系统图.pdf	2015/6/5 星期五 ... 看图王 PDF 文件	152 KB	C:\用户\Administr...
110-C-3-D2-02 二次设备室屏位布置图.pdf	2015/6/5 星期五 ... 看图王 PDF 文件	178 KB	C:\用户\Administr...
110-C-3-D2-01 一体化电源系统图.pdf	2015/6/5 星期五 ... 看图王 PDF 文件	171 KB	C:\用户\Administr...
110-C-3-D1-08 站用电系统接线图.pdf	2015/6/5 星期五 ... 看图王 PDF 文件	163 KB	C:\用户\Administr...
110-C-3-D1-07 10kV开关柜配置图.pdf	2015/6/5 星期五 ... 看图王 PDF 文件	180 KB	C:\用户\Administr...
110-C-3-D1-06 110kV配电装置断面图.pdf	2015/6/5 星期五 ... 看图王 PDF 文件	194 KB	C:\用户\Administr...
110-C-3-D1-05 110kV配电装置平面布置图.pdf	2015/6/5 星期五 ... 看图王 PDF 文件	209 KB	C:\用户\Administr...
110-C-3-D1-04 主变压器进线断面图.pdf	2015/6/5 星期五 ... 看图王 PDF 文件	176 KB	C:\用户\Administr...
110-C-3-D1-03 电气总平面布置图.pdf	2015/6/5 星期五 ... 看图王 PDF 文件	241 KB	C:\用户\Administr...
110-C-3-D1-02 电气主接线图.pdf	2015/6/5 星期五 ... 看图王 PDF 文件	227 KB	C:\用户\Administr...
110-C-3-D1-01 防雷接地布置图.pdf	2015/6/5 星期五 ... 看图王 PDF 文件	203 KB	C:\用户\Administr...
110-C-3-D1-09 照明系统图.pdf	2015/6/5 星期五 ... 看图王 PDF 文件	150 KB	C:\用户\Administr...
110-C-3-D1-10 电缆敷设图.pdf	2015/6/5 星期五 ... 看图王 PDF 文件	186 KB	C:\用户\Administr...
110-C-3-D1-11 电容器组接线图.pdf	2015/6/5 星期五 ... 看图王 PDF 文件	159 KB	C:\用户\Administr...
110-C-3-D1-12 接地变及消弧线圈接线图.pdf	2015/6/5 星期五 ... 看图王 PDF 文件	147 KB	C:\用户\Administr...
110-C-3-D1-13 主要设备材料清册.pdf	2015/6/5 星期五 ... 看图王 PDF 文件	174 KB	C:\用户\Administr...
110-C-3.pdf	2015/6/5 星期五 ... 看图王 PDF 文件	2,908 KB	C:\用户\Administr...
110-C-6-T-06 电缆通道布置图.pdf	2015/6/5 星期五 ... 看图王 PDF 文件	169 KB	C:\用户\Administr...
110-C-6-T-05 配电装置楼剖面图.pdf	2015/6/5 星期五 ... 看图王 PDF 文件	180 KB	C:\用户\Administr...
110-C-6-T-04 配电装置楼立面图.pdf	2015/6/5 星期五 ... 看图王 PDF 文件	165 KB	C:\用户\Administr...
110-C-6-T-03 配电装置楼二层平面图.pdf	2015/6/5 星期五 ... 看图王 PDF 文件	188 KB	C:\用户\Administr...
110-C-6-T-02 配电装置楼一层平面图.pdf	2015/6/5 星期五 ... 看图王 PDF 文件	208 KB	C:\用户\Administr...
110-C-6-T-01 站区总平面布置图.pdf	2015/6/5 星期五 ... 看图王 PDF 文件	214 KB	C:\用户\Administr...
110-C-6-D2-05 直流系统图.pdf	2015/6/5 星期五 ... 看图王 PDF 文件	156 KB	C:\用户\Administr...
110-C-6-D2-04 计算机监控系统配置图.pdf	2015/6/5 星期五 ... 看图王 PDF 文件	205 KB	C:\用户\Administr...
110-C-6-D2-03 时间同步系统图.pdf	2015/6/5 星期五 ... 看图王 PDF 文件	151 KB	C:\用户\Administr...
110-C-6-D2-02 二次设备室屏位布置图.pdf	2015/6/5 星期五 ... 看图王 PDF 文件	177 KB	C:\用户\Administr...
110-C-6-D2-01 一体化电源系统图.pdf	2015/6/5 星期五 ... 看图王 PDF 文件	170 KB	C:\用户\Administr...
110-C-6-D1-08 站用电系统接线图.pdf	2015/6/5 星期五 ... 看图王 PDF 文件	162 KB	C:\用户\Administr...
110-C-6-D1-07 10kV开关柜配置图.pdf	2015/6/5 星期五 ... 看图王 PDF 文件	179 KB	C:\用户\Administr...
110-C-6-D1-06 110kV配电装置断面图.pdf	2015/6/5 星期五 ... 看图王 PDF 文件	193 KB	C:\用户\Administr...
110-C-6-D1-05 110kV配电装置平面布置图.pdf	2015/6/5 星期五 ... 看图王 PDF 文件	208 KB	C:\用户\Administr...
110-C-6-D1-04 主变压器进线断面图.pdf	2015/6/5 星期五 ... 看图王 PDF 文件	175 KB	C:\用户\Administr...
110-C-6-D1-03 电气总平面布置图.pdf	2015/6/5 星期五 ... 看图王 PDF 文件	240 KB	C:\用户\Administr...
110-C-6-D1-02 电气主接线图.pdf	2015/6/5 星期五 ... 看图王 PDF 文件	226 KB	C:\用户\Administr...
110-C-6-D1-01 防雷接地布置图.pdf	2015/6/5 星期五 ... 看图王 PDF 文件	202 KB	C:\用户\Administr...
110-C-6-D1-09 照明系统图.pdf	2015/6/5 星期五 ... 看图王 PDF 文件	149 KB	C:\用户\Administr...
110-C-6-D1-10 电缆敷设图.pdf	2015/6/5 星期五 ... 看图王 PDF 文件	185 KB	C:\用户\Administr...
110-C-6-D1-11 电容器组接线图.pdf	2015/6/5 星期五 ... 看图王 PDF 文件	158 KB	C:\用户\Administr...
110-C-6-D1-12 接地变及消弧线圈接线图.pdf	2015/6/5 星期五 ... 看图王 PDF 文件	146 KB	C:\用户\Administr...
110-C-6-D1-13 主要设备材料清册.pdf	2015/6/5 星期五 ... 看图王 PDF 文件	173 KB	C:\用户\Administr...
110-C-6.pdf	2015/6/5 星期五 ... 看图王 PDF 文件	2,886 KB	C:\用户\Administr...
第三册 110kV变电站通用设计说明（终）.pdf	2015/6/5 星期五 ... 看图王 PDF 文件	1,824 KB	C:\用户\Administr...
国网110kV_A1-1方案(完整版).pdf	2015/6/5 星期五 ... 看图王 PDF 文件	3,217 KB	C:\用户\Administr...
国网110kV_A2-1方案(完整版).pdf	2015/6/5 星期五 ... 看图王 PDF 文件	3,342 KB	C:\用户\Administr...
您以下内容中再次搜索：
库	计算机	自定义...	Internet
